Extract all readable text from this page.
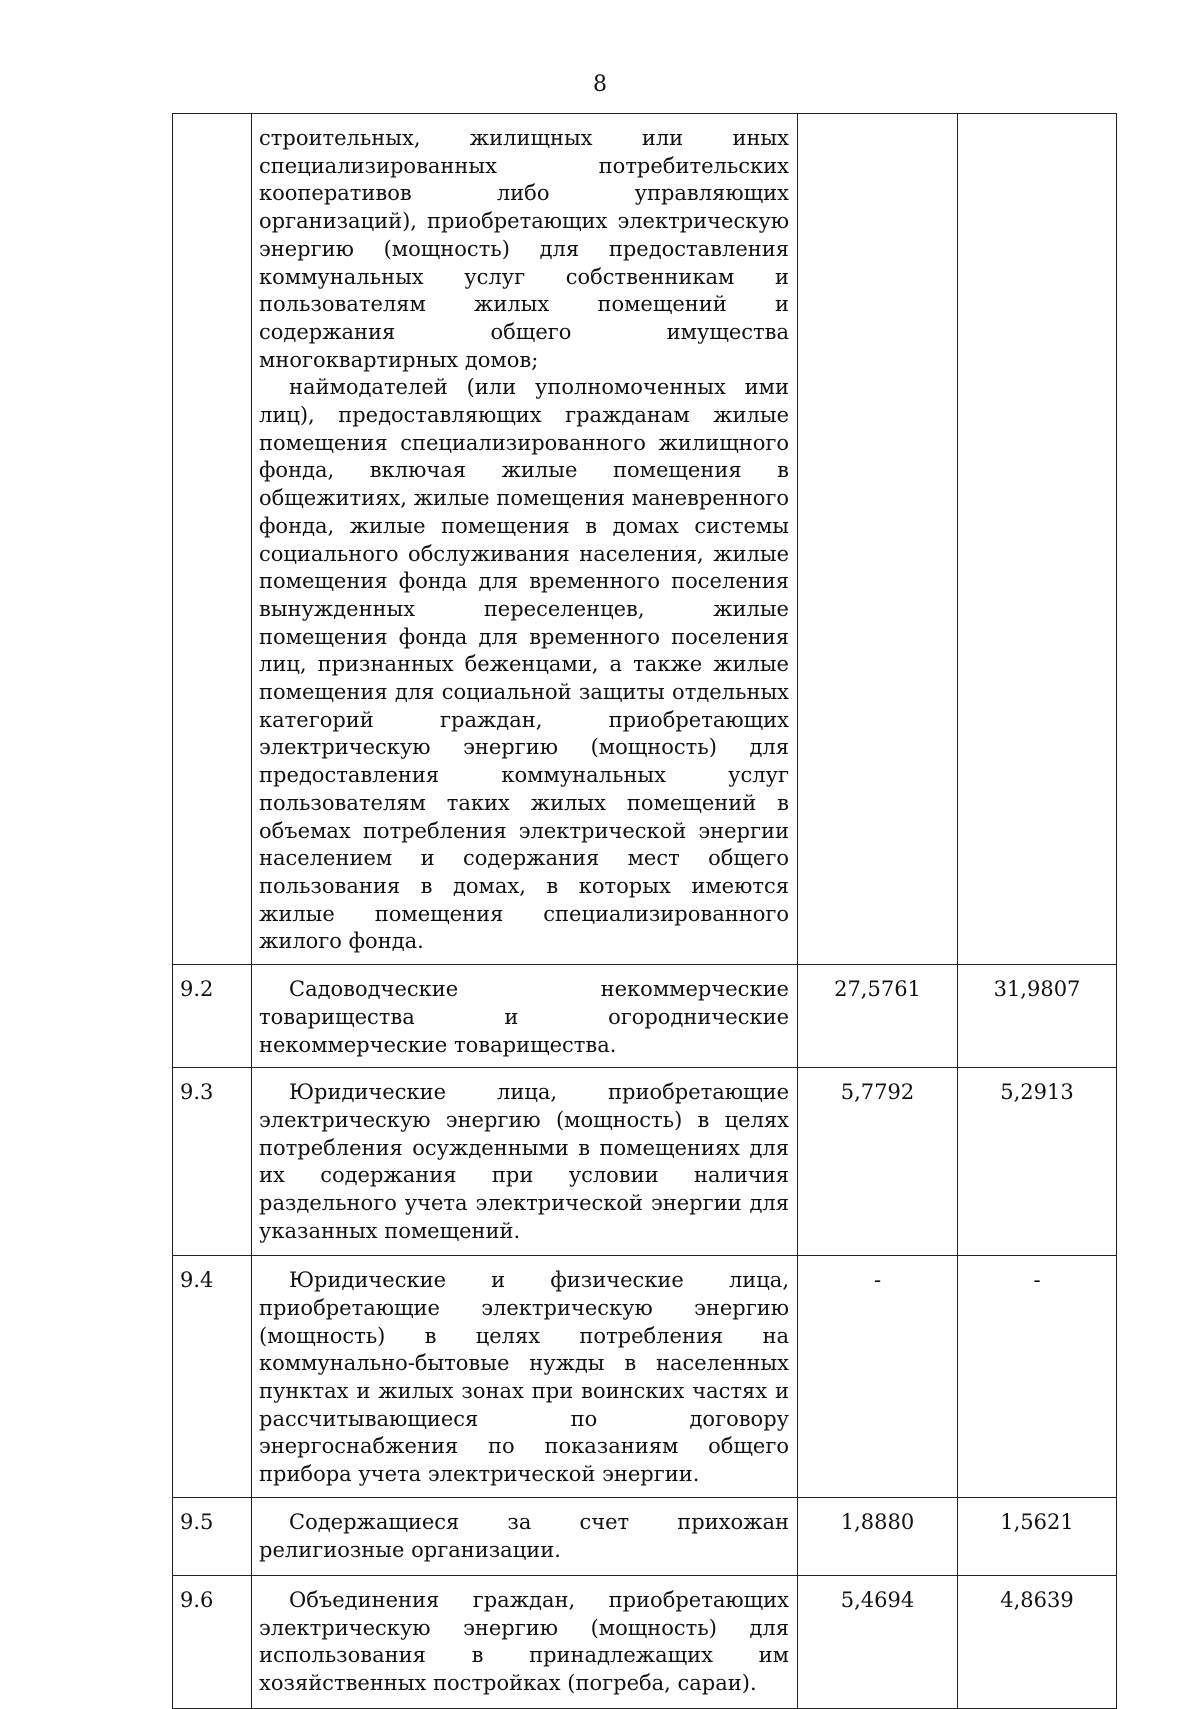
8

	строительных, жилищных или иных специализированных потребительских кооперативов либо управляющих организаций), приобретающих электрическую энергию (мощность) для предоставления коммунальных услуг собственникам и пользователям жилых помещений и содержания общего имущества многоквартирных домов;

наймодателей (или уполномоченных ими лиц), предоставляющих гражданам жилые помещения специализированного жилищного фонда, включая жилые помещения в общежитиях, жилые помещения маневренного фонда, жилые помещения в домах системы социального обслуживания населения, жилые помещения фонда для временного поселения вынужденных переселенцев, жилые помещения фонда для временного поселения лиц, признанных беженцами, а также жилые помещения для социальной защиты отдельных категорий граждан, приобретающих электрическую энергию (мощность) для предоставления коммунальных услуг пользователям таких жилых помещений в объемах потребления электрической энергии населением и содержания мест общего пользования в домах, в которых имеются жилые помещения специализированного жилого фонда.		

9.2	Садоводческие некоммерческие товарищества и огороднические некоммерческие товарищества.	27,5761	31,9807
9.3	Юридические лица, приобретающие электрическую энергию (мощность) в целях потребления осужденными в помещениях для их содержания при условии наличия раздельного учета электрической энергии для указанных помещений.	5,7792	5,2913
9.4	Юридические и физические лица, приобретающие электрическую энергию (мощность) в целях потребления на коммунально-бытовые нужды в населенных пунктах и жилых зонах при воинских частях и рассчитывающиеся по договору энергоснабжения по показаниям общего прибора учета электрической энергии.	-	-
9.5	Содержащиеся за счет прихожан религиозные организации.	1,8880	1,5621
9.6	Объединения граждан, приобретающих электрическую энергию (мощность) для использования в принадлежащих им хозяйственных постройках (погреба, сараи).	5,4694	4,8639
